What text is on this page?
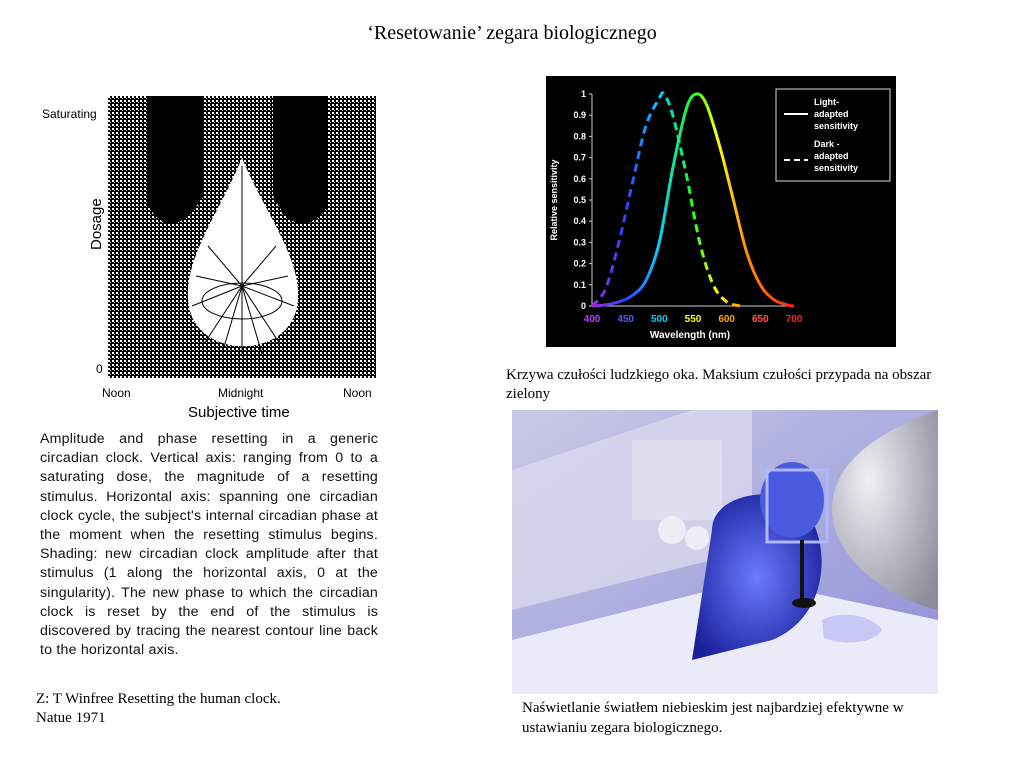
‘Resetowanie’ zegara biologicznego
Saturating
Dosage
0
Noon	Midnight	Noon
Subjective time
Amplitude and phase resetting in a generic circadian clock. Vertical axis: ranging from 0 to a saturating dose, the magnitude of a resetting stimulus. Horizontal axis: spanning one circadian clock cycle, the subject's internal circadian phase at the moment when the resetting stimulus begins. Shading: new circadian clock amplitude after that stimulus (1 along the horizontal axis, 0 at the singularity). The new phase to which the circadian clock is reset by the end of the stimulus is discovered by tracing the nearest contour line back to the horizontal axis.
Z: T Winfree Resetting the human clock.
Natue 1971
0
0.1
0.2
0.3
0.4
0.5
0.6
0.7
0.8
0.9
1
400 450 500 550 600 650 700
Relative sensitivity
Wavelength (nm)
Light-
adapted
sensitivity
Dark -
adapted
sensitivity
Krzywa czułości ludzkiego oka. Maksium czułości przypada na obszar zielony
Naświetlanie światłem niebieskim jest najbardziej efektywne w ustawianiu zegara biologicznego.
